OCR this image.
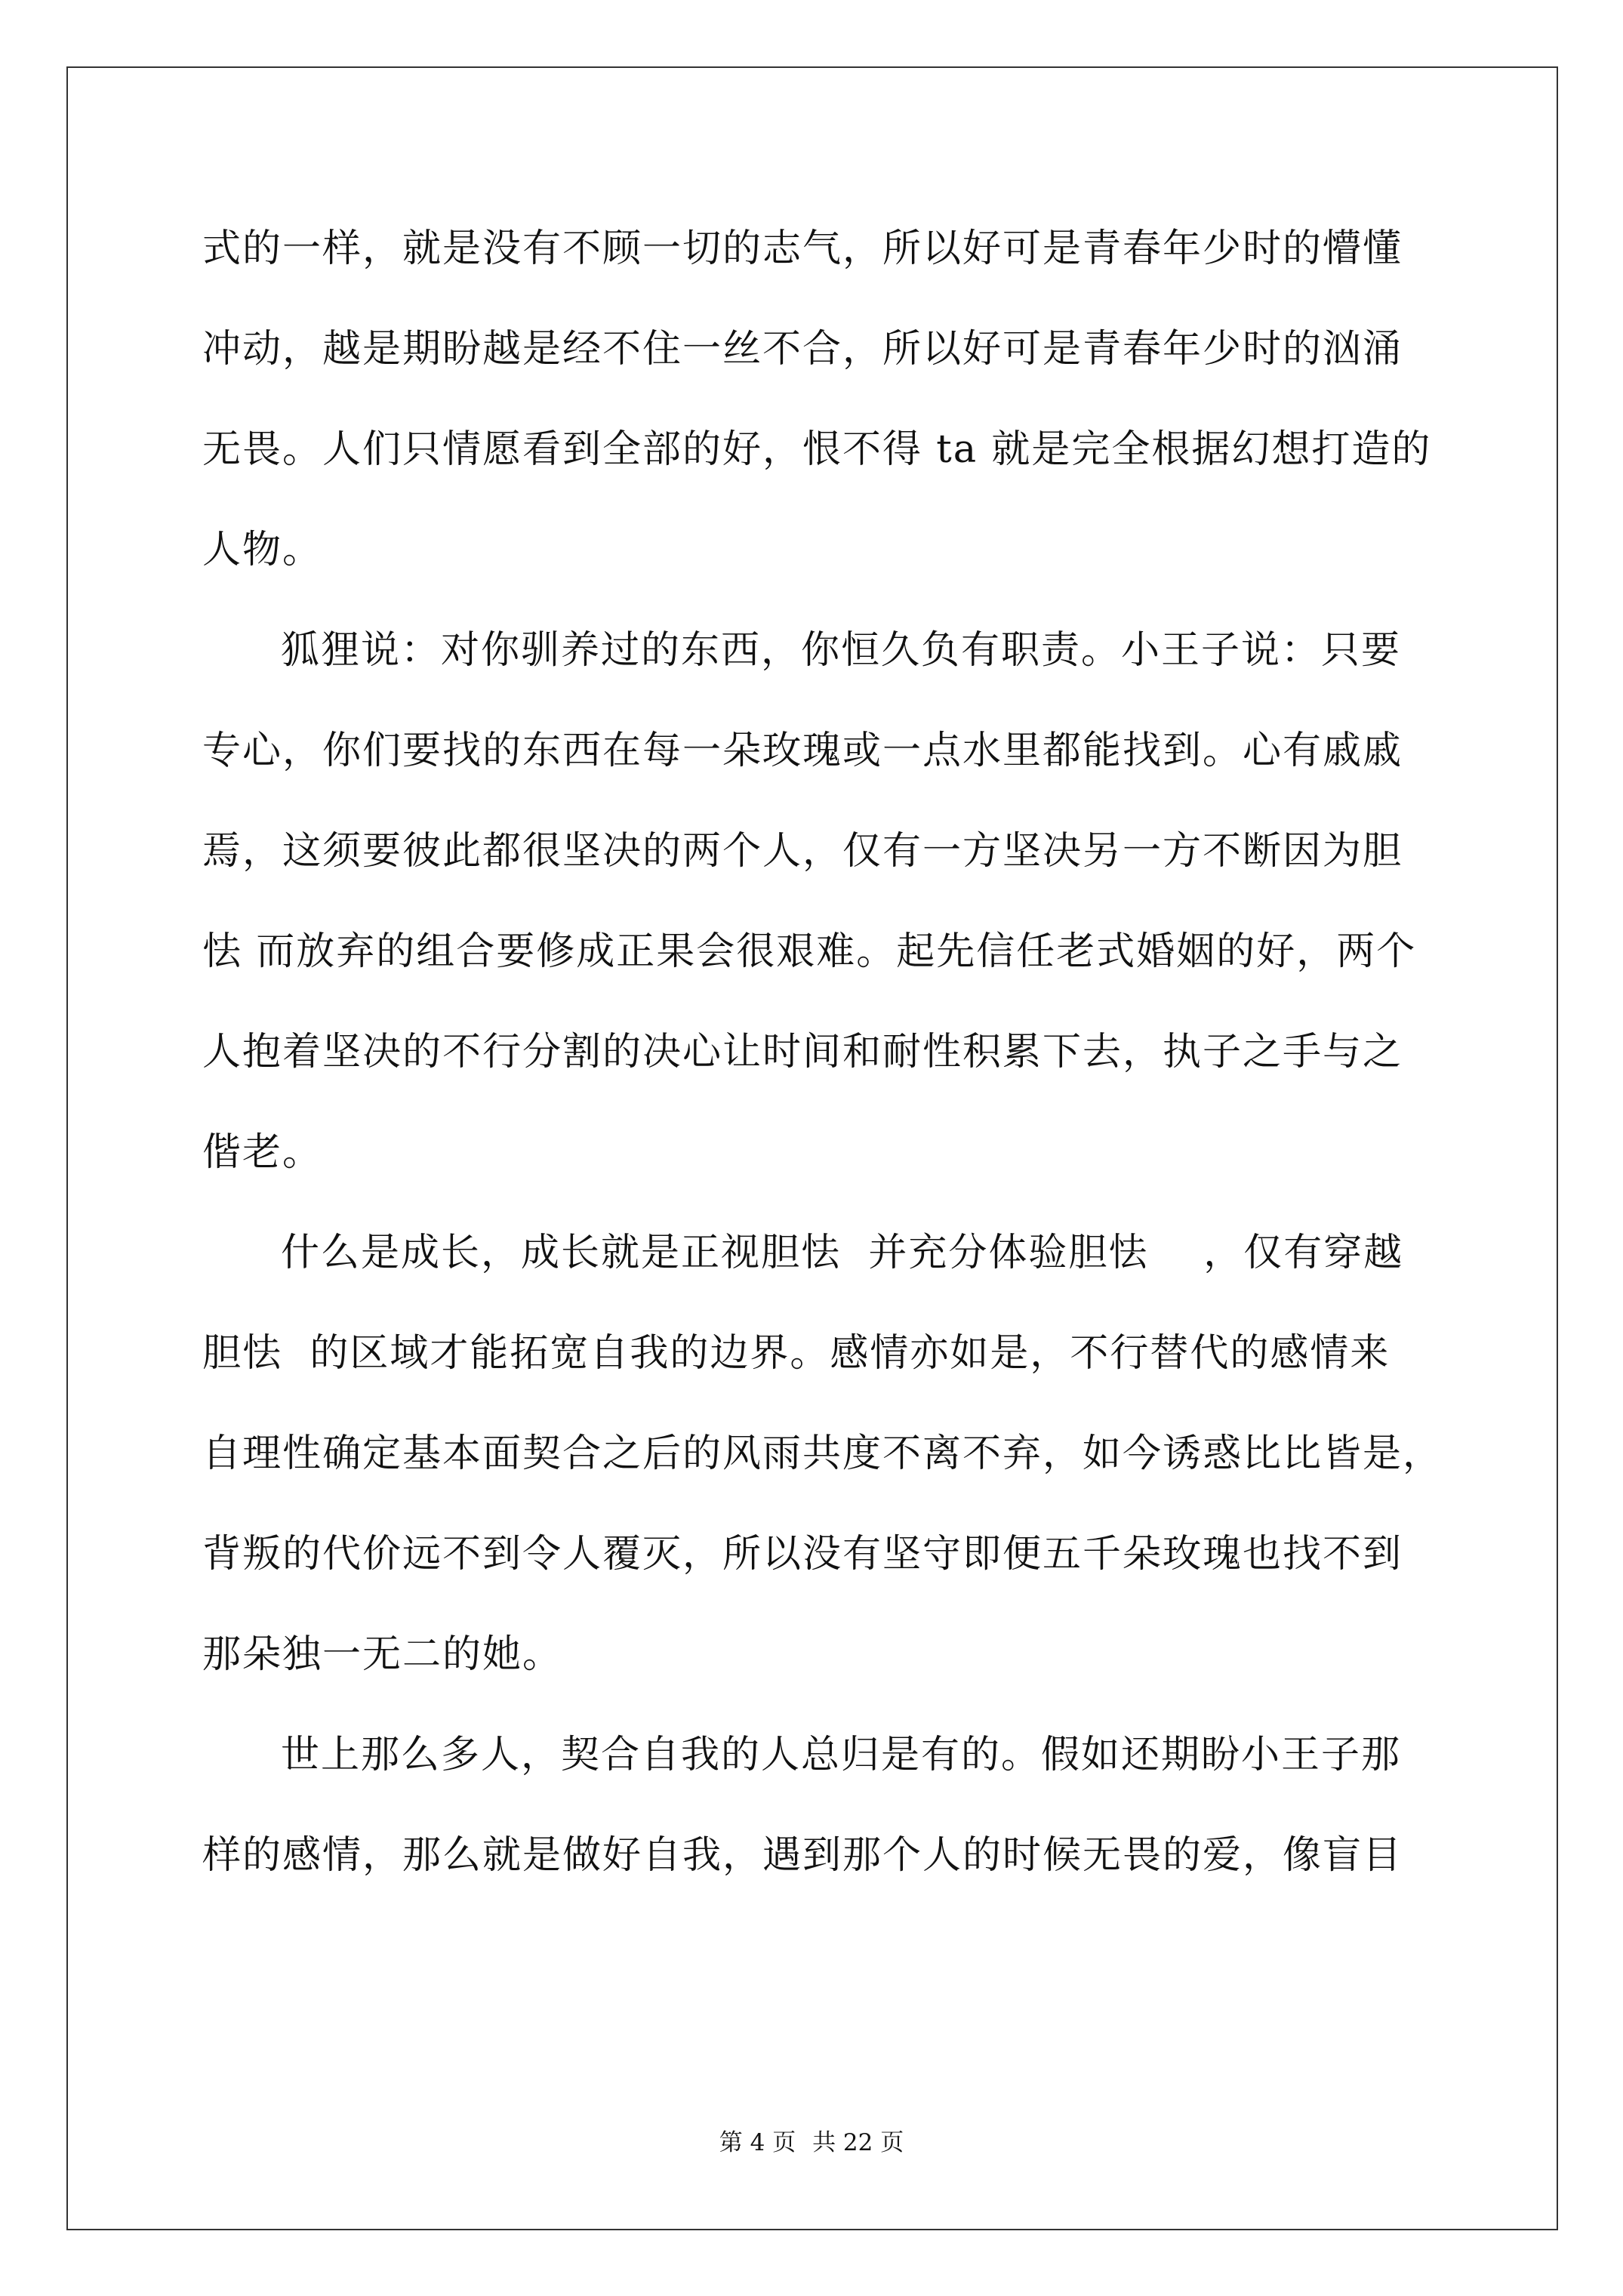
式的一样，就是没有不顾一切的志气，所以好可是青春年少时的懵懂
冲动，越是期盼越是经不住一丝不合，所以好可是青春年少时的汹涌
无畏。人们只情愿看到全部的好，恨不得 ta 就是完全根据幻想打造的
人物。
狐狸说：对你驯养过的东西，你恒久负有职责。小王子说：只要
专心，你们要找的东西在每一朵玫瑰或一点水里都能找到。心有戚戚
焉，这须要彼此都很坚决的两个人，仅有一方坚决另一方不断因为胆
怯 而放弃的组合要修成正果会很艰难。起先信任老式婚姻的好，两个
人抱着坚决的不行分割的决心让时间和耐性积累下去，执子之手与之
偕老。
什么是成长，成长就是正视胆怯  并充分体验胆怯    ，仅有穿越
胆怯  的区域才能拓宽自我的边界。感情亦如是，不行替代的感情来
自理性确定基本面契合之后的风雨共度不离不弃，如今诱惑比比皆是，
背叛的代价远不到令人覆灭，所以没有坚守即便五千朵玫瑰也找不到
那朵独一无二的她。
世上那么多人，契合自我的人总归是有的。假如还期盼小王子那
样的感情，那么就是做好自我，遇到那个人的时候无畏的爱，像盲目
第 4 页 共 22 页
